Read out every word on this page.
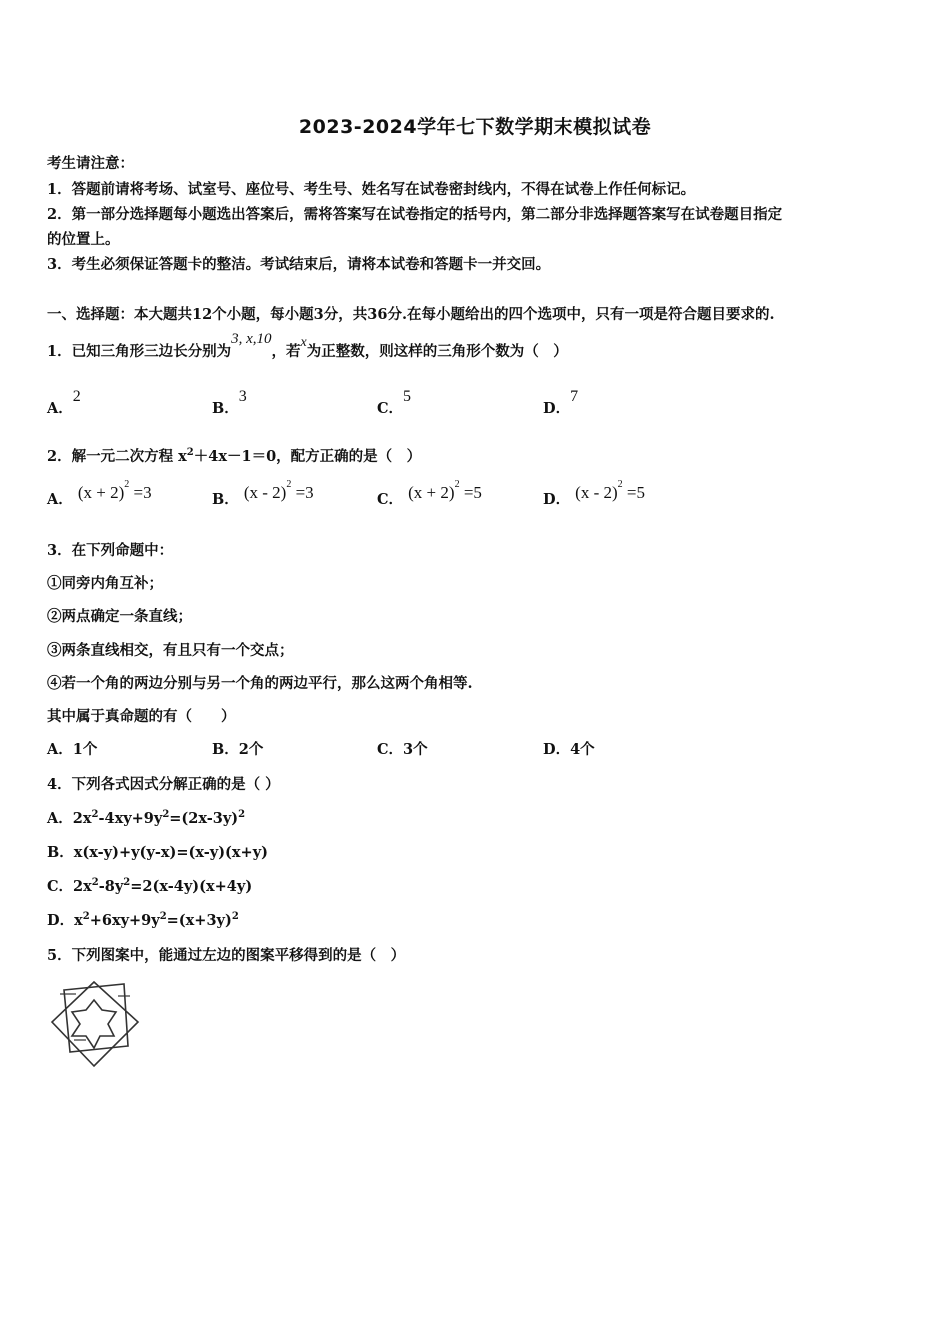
2023-2024学年七下数学期末模拟试卷
考生请注意：
1．答题前请将考场、试室号、座位号、考生号、姓名写在试卷密封线内，不得在试卷上作任何标记。
2．第一部分选择题每小题选出答案后，需将答案写在试卷指定的括号内，第二部分非选择题答案写在试卷题目指定
的位置上。
3．考生必须保证答题卡的整洁。考试结束后，请将本试卷和答题卡一并交回。
一、选择题：本大题共12个小题，每小题3分，共36分.在每小题给出的四个选项中，只有一项是符合题目要求的.
1．已知三角形三边长分别为3, x,10，若x为正整数，则这样的三角形个数为（　）
A．2
B．3
C．5
D．7
2．解一元二次方程 $x^2+4x-1=0$，配方正确的是（　）
A． $(x + 2)^2 =3$	B． (x - 2)$^2$ =3	C． $(x + 2)^2 =5$	D． (x - 2)$^2$ =5
3．在下列命题中：
①同旁内角互补；
②两点确定一条直线；
③两条直线相交，有且只有一个交点；
④若一个角的两边分别与另一个角的两边平行，那么这两个角相等.
其中属于真命题的有（　　）
A．1个	B．2个	C．3个	D．4个
4．下列各式因式分解正确的是（ ）
A．$2x^2-4xy+9y^2=(2x-3y)^2$
B．x(x-y)+y(y-x)=(x-y)(x+y)
C．$2x^2-8y^2=2(x-4y)(x+4y)$
D．$x^2+6xy+9y^2=(x+3y)^2$
5．下列图案中，能通过左边的图案平移得到的是（　）
